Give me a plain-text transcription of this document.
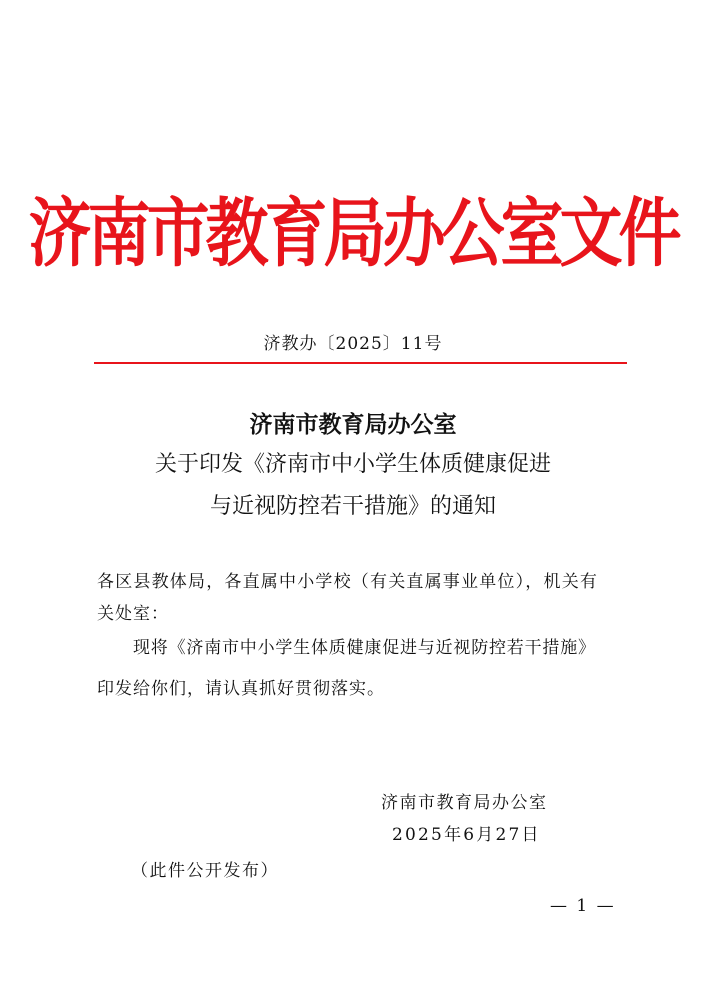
济南市教育局办公室文件
济教办〔2025〕11号
济南市教育局办公室
关于印发《济南市中小学生体质健康促进
与近视防控若干措施》的通知
各区县教体局，各直属中小学校（有关直属事业单位），机关有
关处室：
现将《济南市中小学生体质健康促进与近视防控若干措施》
印发给你们，请认真抓好贯彻落实。
济南市教育局办公室
2025年6月27日
（此件公开发布）
— 1 —
